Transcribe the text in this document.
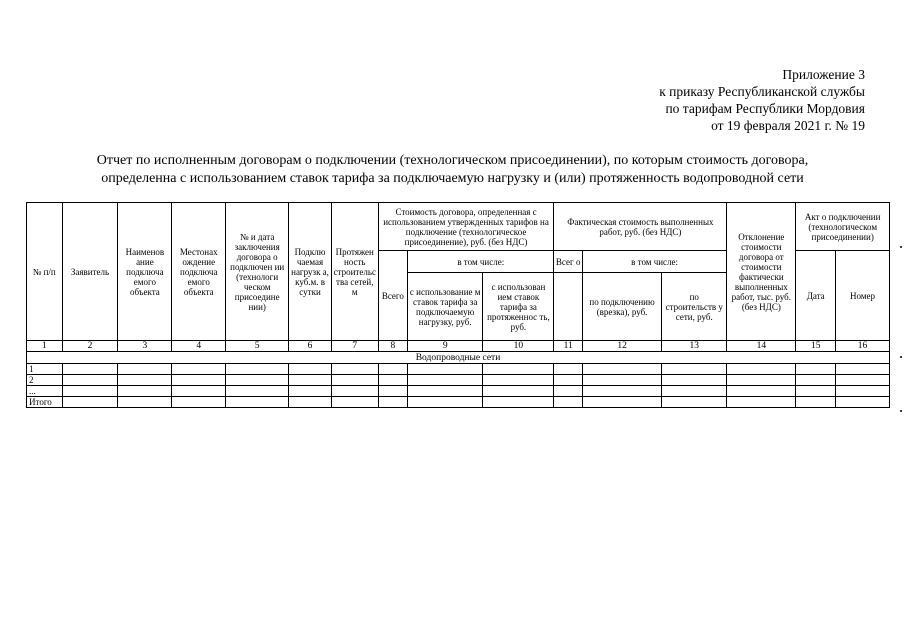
Приложение 3
к приказу Республиканской службы
по тарифам Республики Мордовия
от 19 февраля 2021 г. № 19
Отчет по исполненным договорам о подключении (технологическом присоединении), по которым стоимость договора,
определенна с использованием ставок тарифа за подключаемую нагрузку и (или) протяженность водопроводной сети
№ п/п	Заявитель	Наименов ание подключа емого объекта	Местонах ождение подключа емого объекта	№ и дата заключения договора о подключен ии (технологи ческом присоедине нии)	Подклю чаемая нагрузк а, куб.м. в сутки	Протяжен ность строительс тва сетей, м	Стоимость договора, определенная с использованием утвержденных тарифов на подключение (технологическое присоединение), руб. (без НДС)			Фактическая стоимость выполненных работ, руб. (без НДС)			Отклонение стоимости договора от стоимости фактически выполненных работ, тыс. руб. (без НДС)	Акт о подключении (технологическом присоединении)	
							Всего	в том числе:		Всег о	в том числе:			Дата	Номер
								с использование м ставок тарифа за подключаемую нагрузку, руб.	с использован ием ставок тарифа за протяженнос ть, руб.		по подключению (врезка), руб.	по строительств у сети, руб.			
1	2	3	4	5	6	7	8	9	10	11	12	13	14	15	16
Водопроводные сети															
1															
2															
...															
Итого															
